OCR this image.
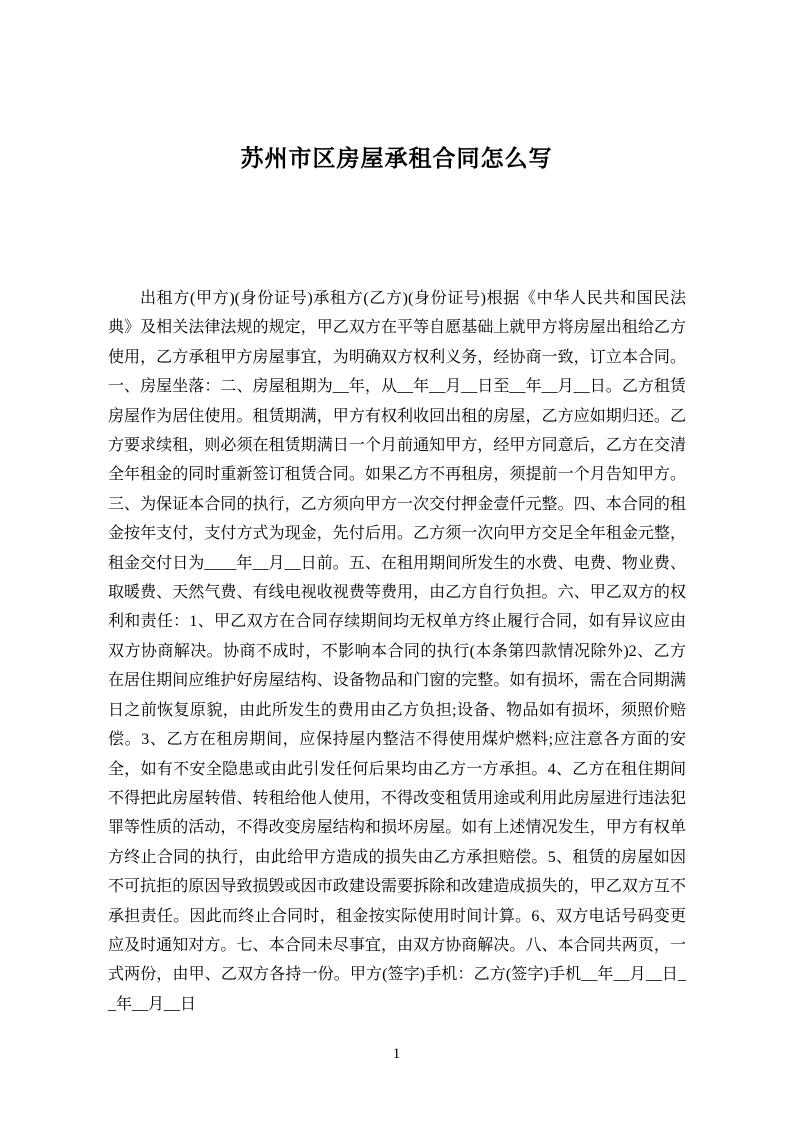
苏州市区房屋承租合同怎么写

出租方(甲方)(身份证号)承租方(乙方)(身份证号)根据《中华人民共和国民法典》及相关法律法规的规定，甲乙双方在平等自愿基础上就甲方将房屋出租给乙方使用，乙方承租甲方房屋事宜，为明确双方权利义务，经协商一致，订立本合同。一、房屋坐落：二、房屋租期为__年，从__年__月__日至__年__月__日。乙方租赁房屋作为居住使用。租赁期满，甲方有权利收回出租的房屋，乙方应如期归还。乙方要求续租，则必须在租赁期满日一个月前通知甲方，经甲方同意后，乙方在交清全年租金的同时重新签订租赁合同。如果乙方不再租房，须提前一个月告知甲方。三、为保证本合同的执行，乙方须向甲方一次交付押金壹仟元整。四、本合同的租金按年支付，支付方式为现金，先付后用。乙方须一次向甲方交足全年租金元整，租金交付日为____年__月__日前。五、在租用期间所发生的水费、电费、物业费、取暖费、天然气费、有线电视收视费等费用，由乙方自行负担。六、甲乙双方的权利和责任：1、甲乙双方在合同存续期间均无权单方终止履行合同，如有异议应由双方协商解决。协商不成时，不影响本合同的执行(本条第四款情况除外)2、乙方在居住期间应维护好房屋结构、设备物品和门窗的完整。如有损坏，需在合同期满日之前恢复原貌，由此所发生的费用由乙方负担;设备、物品如有损坏，须照价赔偿。3、乙方在租房期间，应保持屋内整洁不得使用煤炉燃料;应注意各方面的安全，如有不安全隐患或由此引发任何后果均由乙方一方承担。4、乙方在租住期间不得把此房屋转借、转租给他人使用，不得改变租赁用途或利用此房屋进行违法犯罪等性质的活动，不得改变房屋结构和损坏房屋。如有上述情况发生，甲方有权单方终止合同的执行，由此给甲方造成的损失由乙方承担赔偿。5、租赁的房屋如因不可抗拒的原因导致损毁或因市政建设需要拆除和改建造成损失的，甲乙双方互不承担责任。因此而终止合同时，租金按实际使用时间计算。6、双方电话号码变更应及时通知对方。七、本合同未尽事宜，由双方协商解决。八、本合同共两页，一式两份，由甲、乙双方各持一份。甲方(签字)手机：乙方(签字)手机__年__月__日__年__月__日

1
